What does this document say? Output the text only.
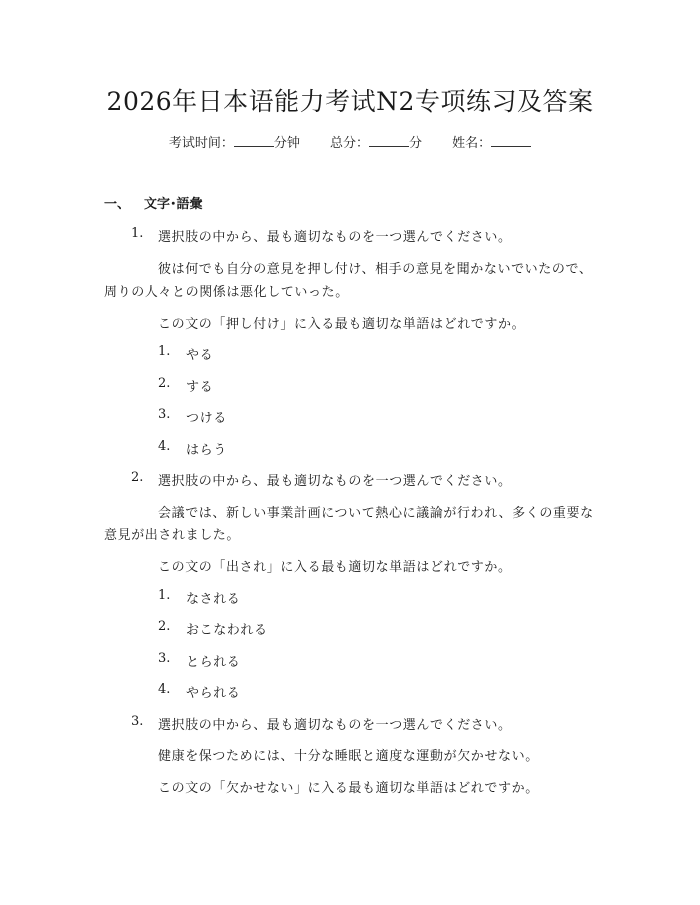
2026年日本语能力考试N2专项练习及答案
考试时间：	分钟 总分：	分 姓名：
一、 文字･語彙
1. 選択肢の中から、最も適切なものを一つ選んでください。
彼は何でも自分の意見を押し付け、相手の意見を聞かないでいたので、
周りの人々との関係は悪化していった。
この文の「押し付け」に入る最も適切な単語はどれですか。
1. やる
2. する
3. つける
4. はらう
2. 選択肢の中から、最も適切なものを一つ選んでください。
会議では、新しい事業計画について熱心に議論が行われ、多くの重要な
意見が出されました。
この文の「出され」に入る最も適切な単語はどれですか。
1. なされる
2. おこなわれる
3. とられる
4. やられる
3. 選択肢の中から、最も適切なものを一つ選んでください。
健康を保つためには、十分な睡眠と適度な運動が欠かせない。
この文の「欠かせない」に入る最も適切な単語はどれですか。
